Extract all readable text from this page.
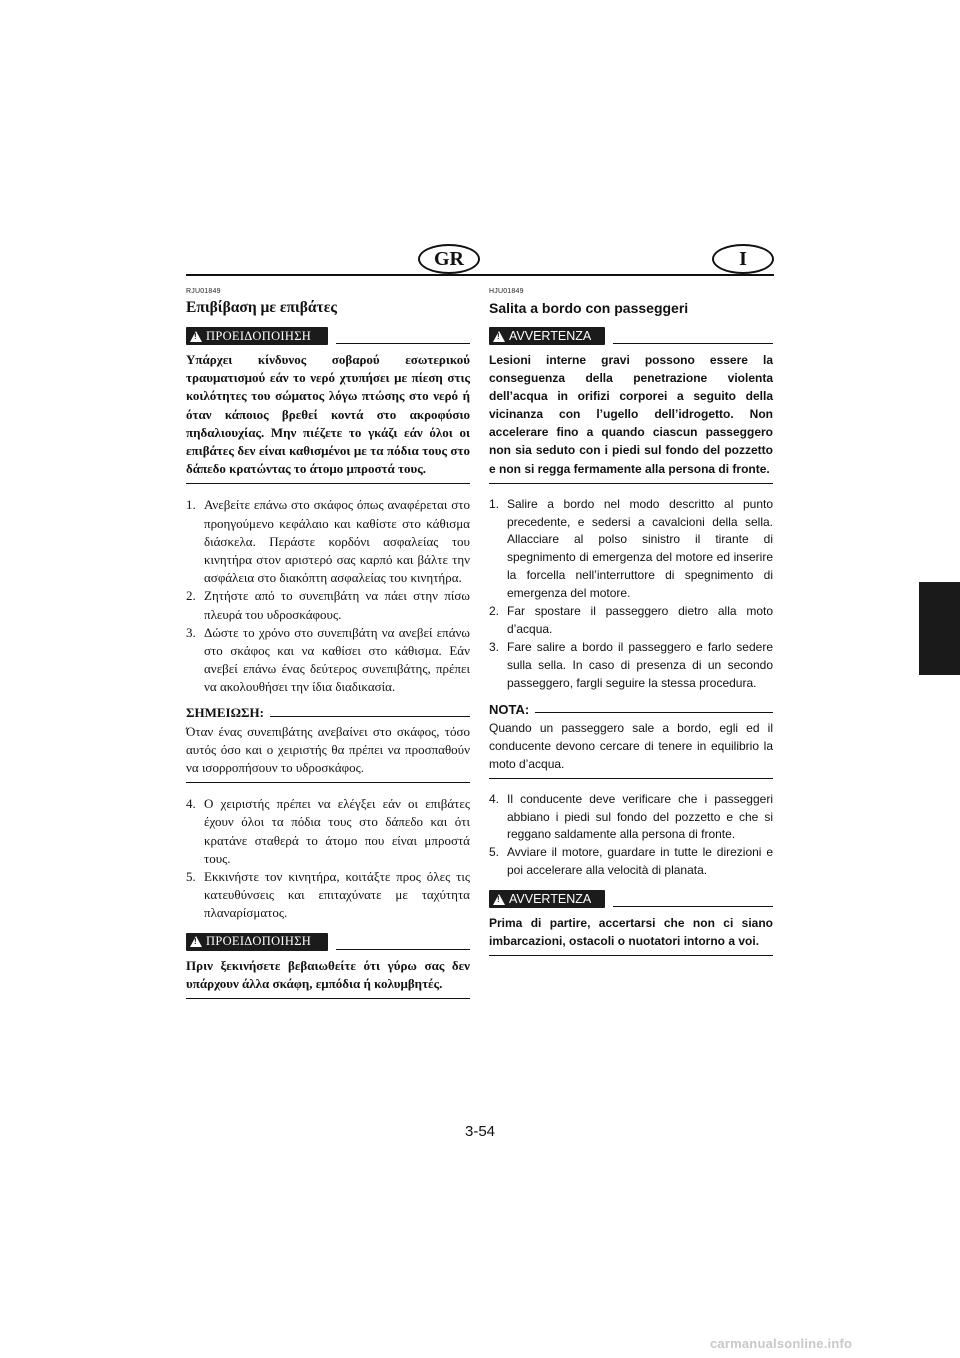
GR	I

RJU01849

Επιβίβαση με επιβάτες
!
ΠΡΟΕΙΔΟΠΟΙΗΣΗ

Υπάρχει κίνδυνος σοβαρού εσωτερικού τραυματισμού εάν το νερό χτυπήσει με πίεση στις κοιλότητες του σώματος λόγω πτώσης στο νερό ή όταν κάποιος βρεθεί κοντά στο ακροφύσιο πηδαλιουχίας. Μην πιέζετε το γκάζι εάν όλοι οι επιβάτες δεν είναι καθισμένοι με τα πόδια τους στο δάπεδο κρατώντας το άτομο μπροστά τους.

1. Ανεβείτε επάνω στο σκάφος όπως αναφέρεται στο προηγούμενο κεφάλαιο και καθίστε στο κάθισμα διάσκελα. Περάστε κορδόνι ασφαλείας του κινητήρα στον αριστερό σας καρπό και βάλτε την ασφάλεια στο διακόπτη ασφαλείας του κινητήρα.
2. Ζητήστε από το συνεπιβάτη να πάει στην πίσω πλευρά του υδροσκάφους.
3. Δώστε το χρόνο στο συνεπιβάτη να ανεβεί επάνω στο σκάφος και να καθίσει στο κάθισμα. Εάν ανεβεί επάνω ένας δεύτερος συνεπιβάτης, πρέπει να ακολουθήσει την ίδια διαδικασία.
ΣΗΜΕΙΩΣΗ:

Όταν ένας συνεπιβάτης ανεβαίνει στο σκάφος, τόσο αυτός όσο και ο χειριστής θα πρέπει να προσπαθούν να ισορροπήσουν το υδροσκάφος.

4. Ο χειριστής πρέπει να ελέγξει εάν οι επιβάτες έχουν όλοι τα πόδια τους στο δάπεδο και ότι κρατάνε σταθερά το άτομο που είναι μπροστά τους.
5. Εκκινήστε τον κινητήρα, κοιτάξτε προς όλες τις κατευθύνσεις και επιταχύνατε με ταχύτητα πλαναρίσματος.
!
ΠΡΟΕΙΔΟΠΟΙΗΣΗ

Πριν ξεκινήσετε βεβαιωθείτε ότι γύρω σας δεν υπάρχουν άλλα σκάφη, εμπόδια ή κολυμβητές.

HJU01849

Salita a bordo con passeggeri
!
AVVERTENZA

Lesioni interne gravi possono essere la conseguenza della penetrazione violenta dell’acqua in orifizi corporei a seguito della vicinanza con l’ugello dell’idrogetto. Non accelerare fino a quando ciascun passeggero non sia seduto con i piedi sul fondo del pozzetto e non si regga fermamente alla persona di fronte.

1. Salire a bordo nel modo descritto al punto precedente, e sedersi a cavalcioni della sella. Allacciare al polso sinistro il tirante di spegnimento di emergenza del motore ed inserire la forcella nell’interruttore di spegnimento di emergenza del motore.
2. Far spostare il passeggero dietro alla moto d’acqua.
3. Fare salire a bordo il passeggero e farlo sedere sulla sella. In caso di presenza di un secondo passeggero, fargli seguire la stessa procedura.
NOTA:

Quando un passeggero sale a bordo, egli ed il conducente devono cercare di tenere in equilibrio la moto d’acqua.

4. Il conducente deve verificare che i passeggeri abbiano i piedi sul fondo del pozzetto e che si reggano saldamente alla persona di fronte.
5. Avviare il motore, guardare in tutte le direzioni e poi accelerare alla velocità di planata.
!
AVVERTENZA

Prima di partire, accertarsi che non ci siano imbarcazioni, ostacoli o nuotatori intorno a voi.

3-54
carmanualsonline.info
